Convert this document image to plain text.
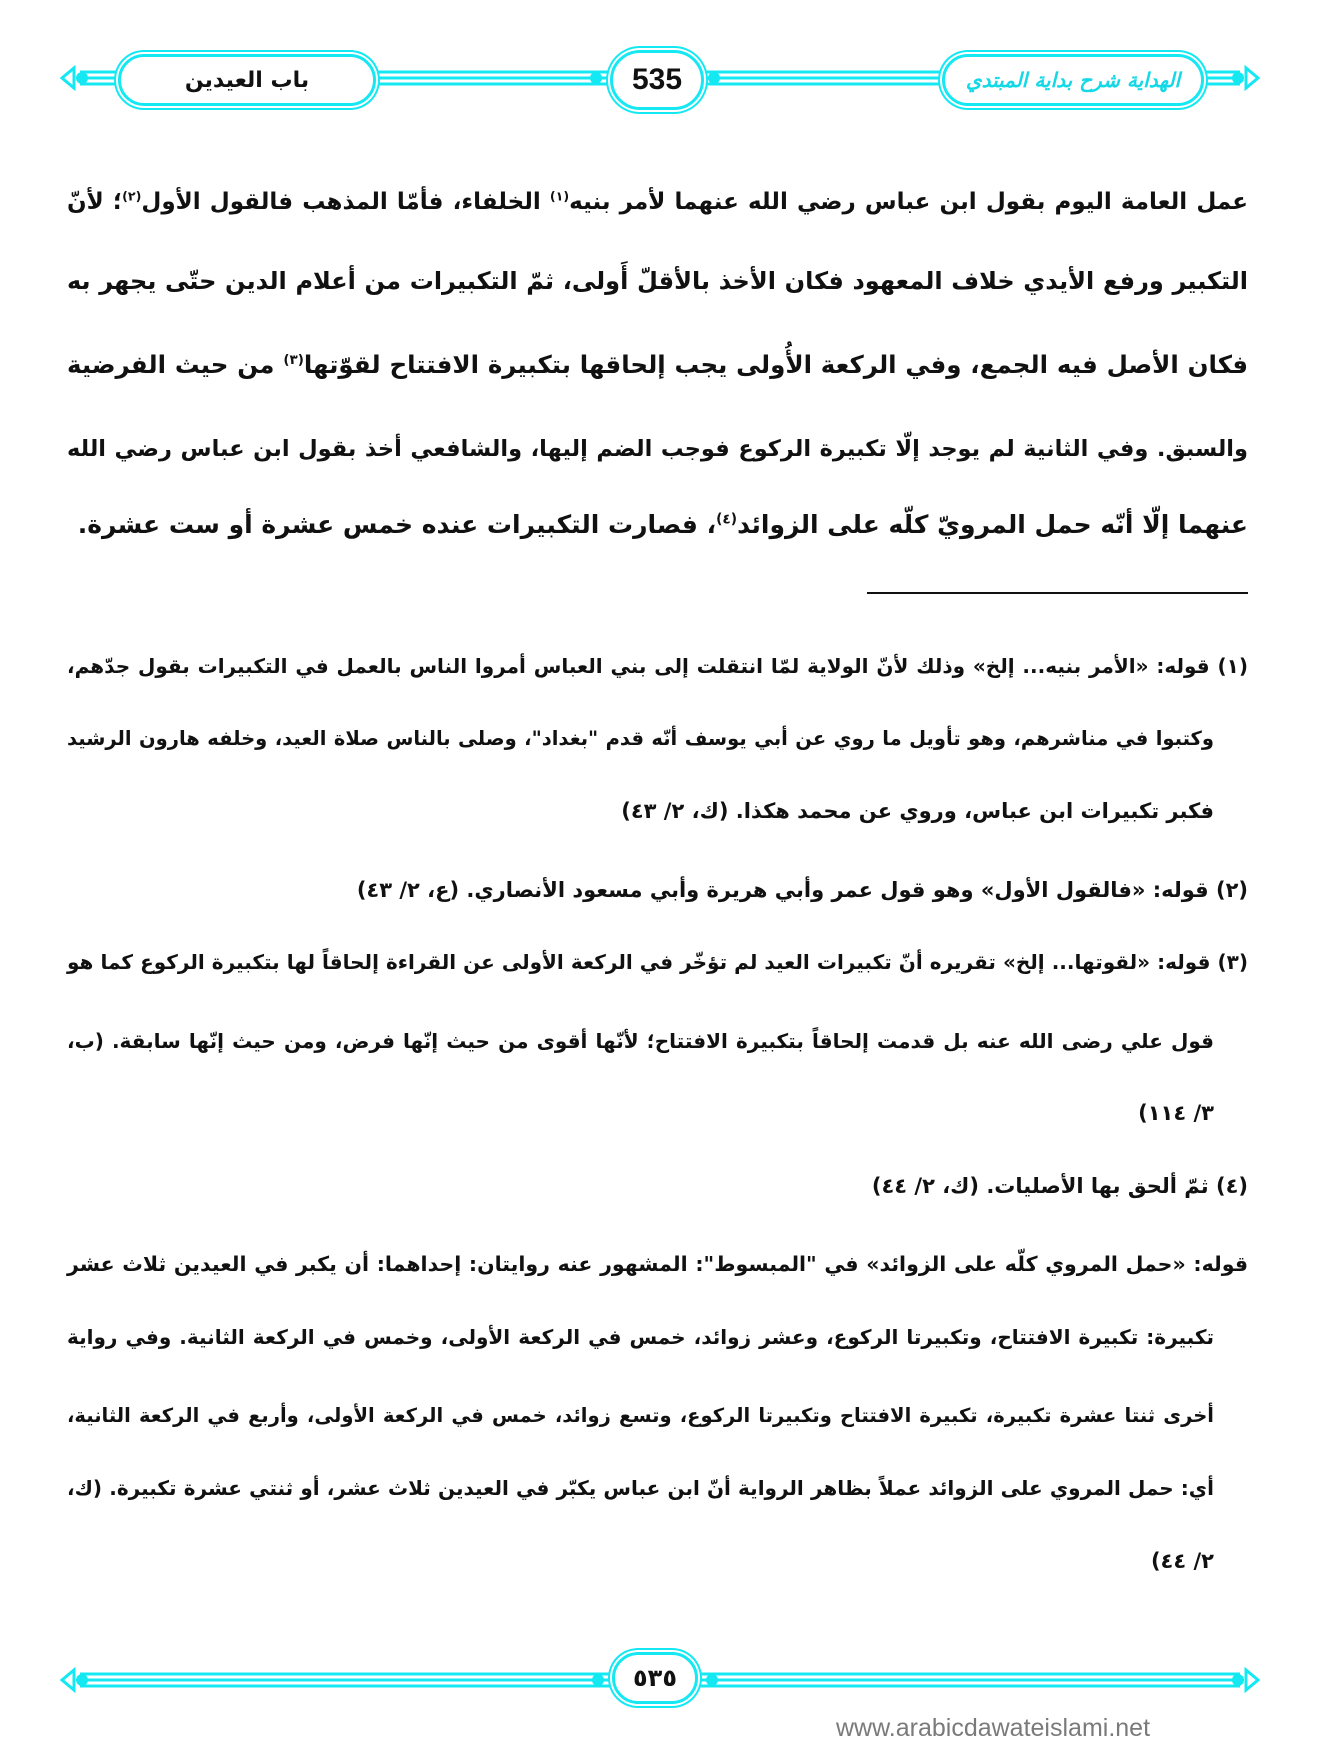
باب العيدين	535	الهداية شرح بداية المبتدي
عمل العامة اليوم بقول ابن عباس رضي الله عنهما لأمر بنيه$^{(١)}$ الخلفاء، فأمّا المذهب فالقول الأول$^{(٢)}$؛ لأنّ
التكبير ورفع الأيدي خلاف المعهود فكان الأخذ بالأقلّ أَولى، ثمّ التكبيرات من أعلام الدين حتّى يجهر به
فكان الأصل فيه الجمع، وفي الركعة الأُولى يجب إلحاقها بتكبيرة الافتتاح لقوّتها$^{(٣)}$ من حيث الفرضية
والسبق. وفي الثانية لم يوجد إلّا تكبيرة الركوع فوجب الضم إليها، والشافعي أخذ بقول ابن عباس رضي الله
عنهما إلّا أنّه حمل المرويّ كلّه على الزوائد$^{(٤)}$، فصارت التكبيرات عنده خمس عشرة أو ست عشرة.
(١) قوله: «الأمر بنيه... إلخ» وذلك لأنّ الولاية لمّا انتقلت إلى بني العباس أمروا الناس بالعمل في التكبيرات بقول جدّهم،
وكتبوا في مناشرهم، وهو تأويل ما روي عن أبي يوسف أنّه قدم "بغداد"، وصلى بالناس صلاة العيد، وخلفه هارون الرشيد
فكبر تكبيرات ابن عباس، وروي عن محمد هكذا. (ك، ٢/ ٤٣)
(٢) قوله: «فالقول الأول» وهو قول عمر وأبي هريرة وأبي مسعود الأنصاري. (ع، ٢/ ٤٣)
(٣) قوله: «لقوتها... إلخ» تقريره أنّ تكبيرات العيد لم تؤخّر في الركعة الأولى عن القراءة إلحاقاً لها بتكبيرة الركوع كما هو
قول علي رضى الله عنه بل قدمت إلحاقاً بتكبيرة الافتتاح؛ لأنّها أقوى من حيث إنّها فرض، ومن حيث إنّها سابقة. (ب،
٣/ ١١٤)
(٤) ثمّ ألحق بها الأصليات. (ك، ٢/ ٤٤)
قوله: «حمل المروي كلّه على الزوائد» في "المبسوط": المشهور عنه روايتان: إحداهما: أن يكبر في العيدين ثلاث عشر
تكبيرة: تكبيرة الافتتاح، وتكبيرتا الركوع، وعشر زوائد، خمس في الركعة الأولى، وخمس في الركعة الثانية. وفي رواية
أخرى ثنتا عشرة تكبيرة، تكبيرة الافتتاح وتكبيرتا الركوع، وتسع زوائد، خمس في الركعة الأولى، وأربع في الركعة الثانية،
أي: حمل المروي على الزوائد عملاً بظاهر الرواية أنّ ابن عباس يكبّر في العيدين ثلاث عشر، أو ثنتي عشرة تكبيرة. (ك،
٢/ ٤٤)
٥٣٥
www.arabicdawateislami.net
